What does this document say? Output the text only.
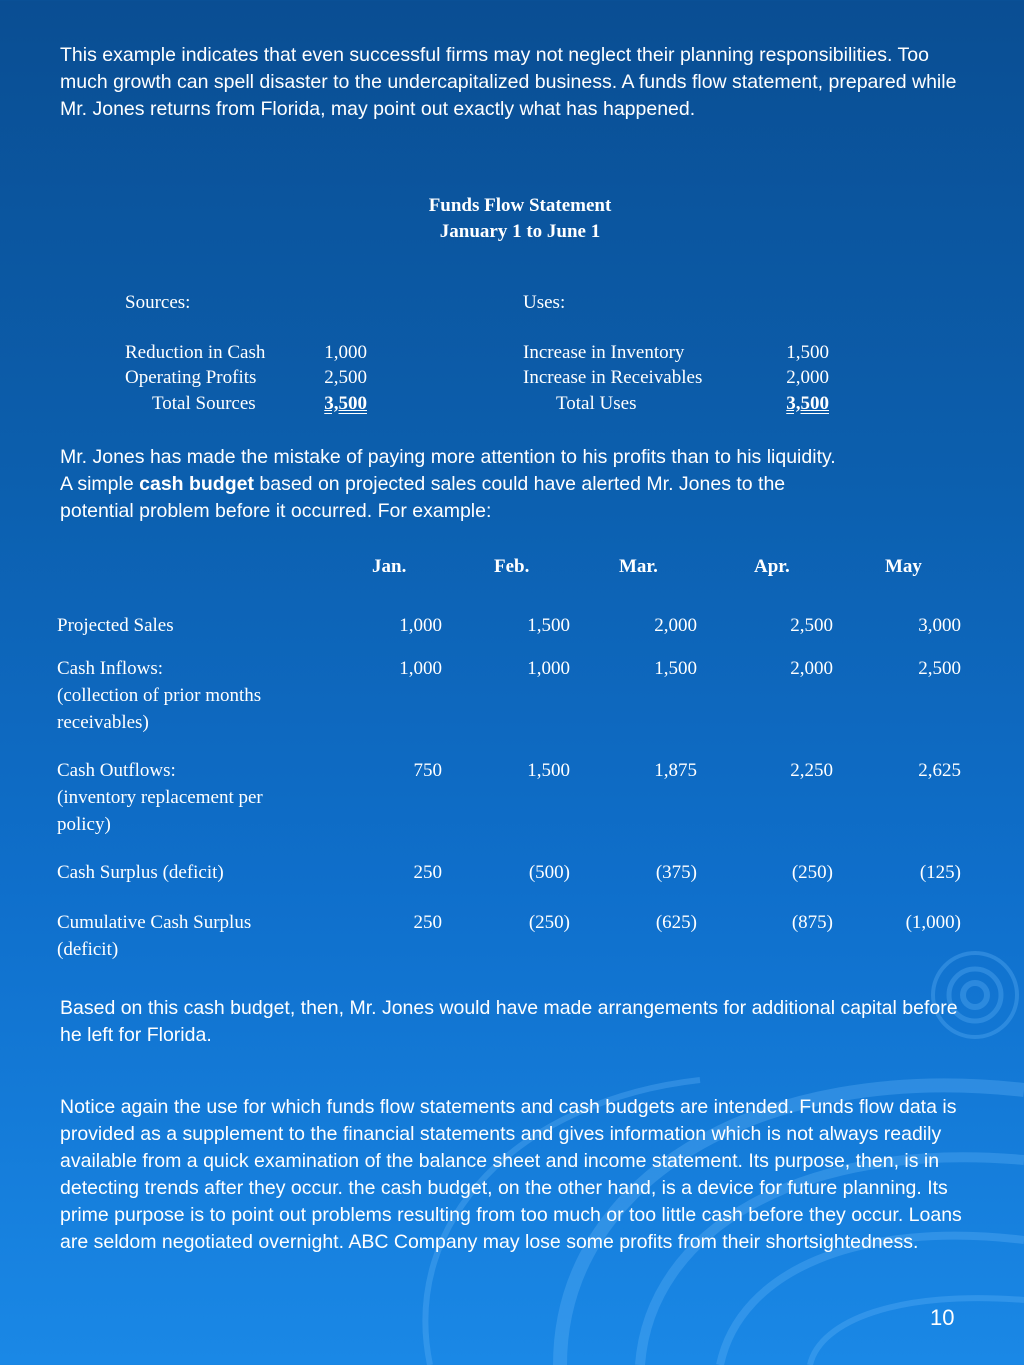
This example indicates that even successful firms may not neglect their planning responsibilities. Too much growth can spell disaster to the undercapitalized business. A funds flow statement, prepared while Mr. Jones returns from Florida, may point out exactly what has happened.

Funds Flow Statement
January 1 to June 1
Sources:	Uses:
Reduction in Cash	1,000
Operating Profits	2,500
Total Sources	3,500
Increase in Inventory	1,500
Increase in Receivables	2,000
Total Uses	3,500
Mr. Jones has made the mistake of paying more attention to his profits than to his liquidity.
A simple cash budget based on projected sales could have alerted Mr. Jones to the
potential problem before it occurred. For example:
Jan.	Feb.	Mar.	Apr.	May
Projected Sales	1,000	1,500	2,000	2,500	3,000
Cash Inflows:
(collection of prior months
receivables)
1,000	1,000	1,500	2,000	2,500
Cash Outflows:
(inventory replacement per
policy)
750	1,500	1,875	2,250	2,625
Cash Surplus (deficit)	250	(500)	(375)	(250)	(125)
Cumulative Cash Surplus
(deficit)
250	(250)	(625)	(875)	(1,000)

Based on this cash budget, then, Mr. Jones would have made arrangements for additional capital before he left for Florida.

Notice again the use for which funds flow statements and cash budgets are intended. Funds flow data is provided as a supplement to the financial statements and gives information which is not always readily available from a quick examination of the balance sheet and income statement. Its purpose, then, is in detecting trends after they occur. the cash budget, on the other hand, is a device for future planning. Its prime purpose is to point out problems resulting from too much or too little cash before they occur. Loans are seldom negotiated overnight. ABC Company may lose some profits from their shortsightedness.

10
